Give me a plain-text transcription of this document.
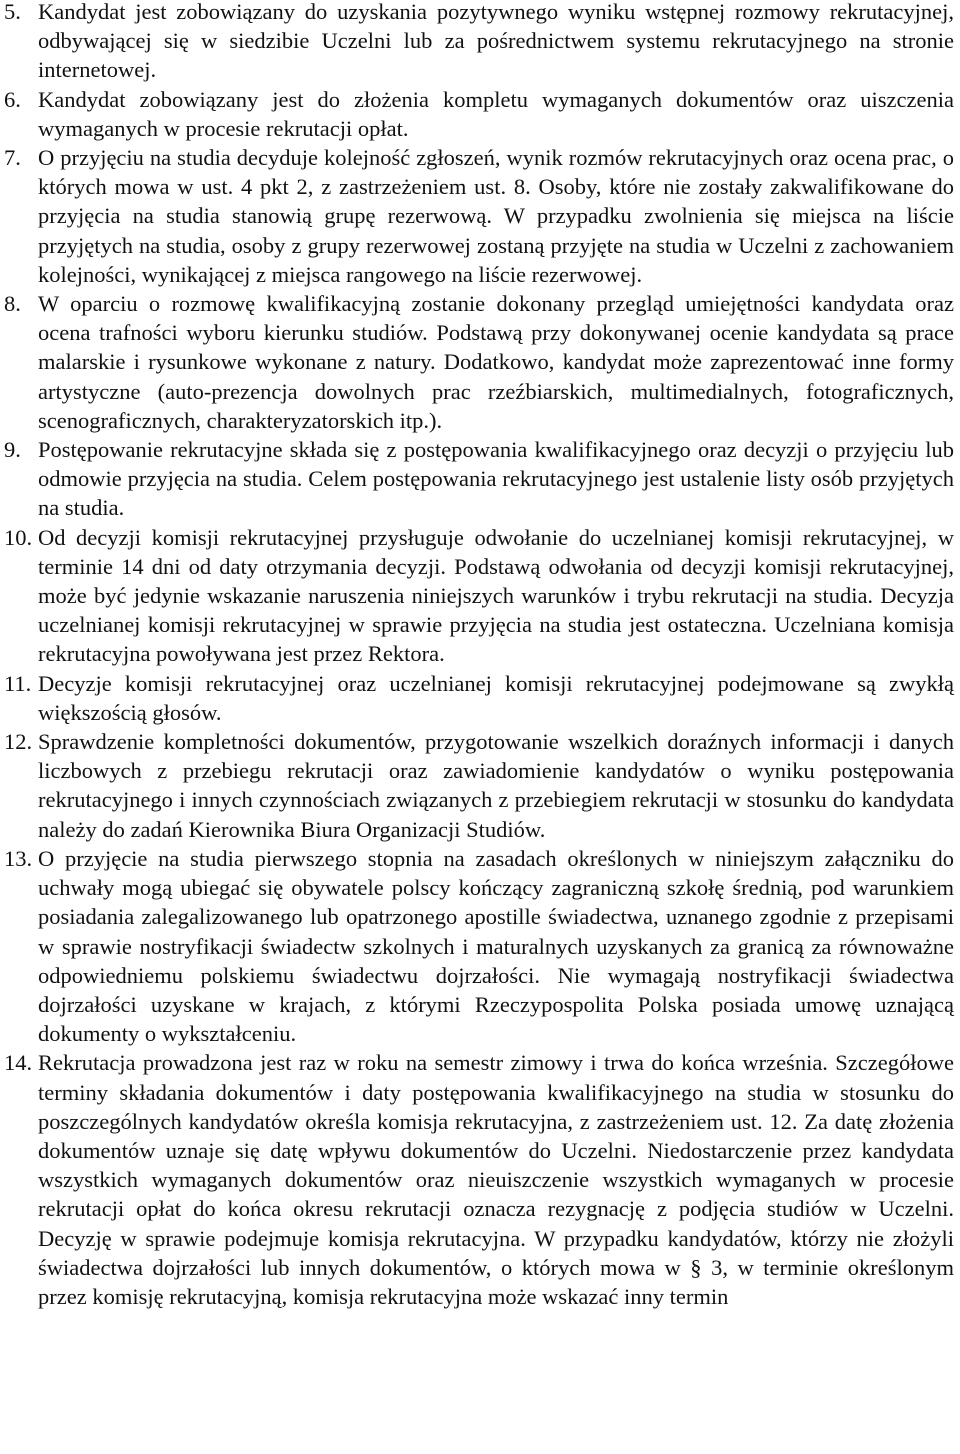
5. Kandydat jest zobowiązany do uzyskania pozytywnego wyniku wstępnej rozmowy rekrutacyjnej, odbywającej się w siedzibie Uczelni lub za pośrednictwem systemu rekrutacyjnego na stronie internetowej.
6. Kandydat zobowiązany jest do złożenia kompletu wymaganych dokumentów oraz uiszczenia wymaganych w procesie rekrutacji opłat.
7. O przyjęciu na studia decyduje kolejność zgłoszeń, wynik rozmów rekrutacyjnych oraz ocena prac, o których mowa w ust. 4 pkt 2, z zastrzeżeniem ust. 8. Osoby, które nie zostały zakwalifikowane do przyjęcia na studia stanowią grupę rezerwową. W przypadku zwolnienia się miejsca na liście przyjętych na studia, osoby z grupy rezerwowej zostaną przyjęte na studia w Uczelni z zachowaniem kolejności, wynikającej z miejsca rangowego na liście rezerwowej.
8. W oparciu o rozmowę kwalifikacyjną zostanie dokonany przegląd umiejętności kandydata oraz ocena trafności wyboru kierunku studiów. Podstawą przy dokonywanej ocenie kandydata są prace malarskie i rysunkowe wykonane z natury. Dodatkowo, kandydat może zaprezentować inne formy artystyczne (auto-prezencja dowolnych prac rzeźbiarskich, multimedialnych, fotograficznych, scenograficznych, charakteryzatorskich itp.).
9. Postępowanie rekrutacyjne składa się z postępowania kwalifikacyjnego oraz decyzji o przyjęciu lub odmowie przyjęcia na studia. Celem postępowania rekrutacyjnego jest ustalenie listy osób przyjętych na studia.
10. Od decyzji komisji rekrutacyjnej przysługuje odwołanie do uczelnianej komisji rekrutacyjnej, w terminie 14 dni od daty otrzymania decyzji. Podstawą odwołania od decyzji komisji rekrutacyjnej, może być jedynie wskazanie naruszenia niniejszych warunków i trybu rekrutacji na studia. Decyzja uczelnianej komisji rekrutacyjnej w sprawie przyjęcia na studia jest ostateczna. Uczelniana komisja rekrutacyjna powoływana jest przez Rektora.
11. Decyzje komisji rekrutacyjnej oraz uczelnianej komisji rekrutacyjnej podejmowane są zwykłą większością głosów.
12. Sprawdzenie kompletności dokumentów, przygotowanie wszelkich doraźnych informacji i danych liczbowych z przebiegu rekrutacji oraz zawiadomienie kandydatów o wyniku postępowania rekrutacyjnego i innych czynnościach związanych z przebiegiem rekrutacji w stosunku do kandydata należy do zadań Kierownika Biura Organizacji Studiów.
13. O przyjęcie na studia pierwszego stopnia na zasadach określonych w niniejszym załączniku do uchwały mogą ubiegać się obywatele polscy kończący zagraniczną szkołę średnią, pod warunkiem posiadania zalegalizowanego lub opatrzonego apostille świadectwa, uznanego zgodnie z przepisami w sprawie nostryfikacji świadectw szkolnych i maturalnych uzyskanych za granicą za równoważne odpowiedniemu polskiemu świadectwu dojrzałości. Nie wymagają nostryfikacji świadectwa dojrzałości uzyskane w krajach, z którymi Rzeczypospolita Polska posiada umowę uznającą dokumenty o wykształceniu.
14. Rekrutacja prowadzona jest raz w roku na semestr zimowy i trwa do końca września. Szczegółowe terminy składania dokumentów i daty postępowania kwalifikacyjnego na studia w stosunku do poszczególnych kandydatów określa komisja rekrutacyjna, z zastrzeżeniem ust. 12. Za datę złożenia dokumentów uznaje się datę wpływu dokumentów do Uczelni. Niedostarczenie przez kandydata wszystkich wymaganych dokumentów oraz nieuiszczenie wszystkich wymaganych w procesie rekrutacji opłat do końca okresu rekrutacji oznacza rezygnację z podjęcia studiów w Uczelni. Decyzję w sprawie podejmuje komisja rekrutacyjna. W przypadku kandydatów, którzy nie złożyli świadectwa dojrzałości lub innych dokumentów, o których mowa w § 3, w terminie określonym przez komisję rekrutacyjną, komisja rekrutacyjna może wskazać inny termin
